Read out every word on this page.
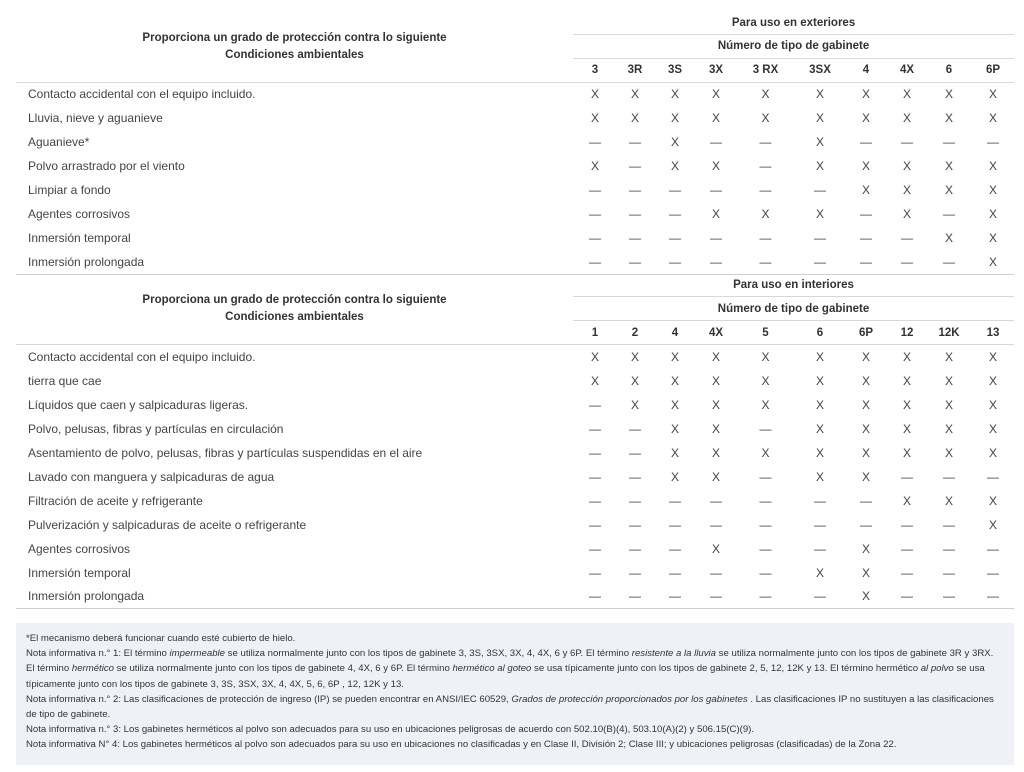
Proporciona un grado de protección contra lo siguiente
Condiciones ambientales	Para uso en exteriores									
	Número de tipo de gabinete									
	3	3R	3S	3X	3 RX	3SX	4	4X	6	6P
Contacto accidental con el equipo incluido.	X	X	X	X	X	X	X	X	X	X
Lluvia, nieve y aguanieve	X	X	X	X	X	X	X	X	X	X
Aguanieve*	—	—	X	—	—	X	—	—	—	—
Polvo arrastrado por el viento	X	—	X	X	—	X	X	X	X	X
Limpiar a fondo	—	—	—	—	—	—	X	X	X	X
Agentes corrosivos	—	—	—	X	X	X	—	X	—	X
Inmersión temporal	—	—	—	—	—	—	—	—	X	X
Inmersión prolongada	—	—	—	—	—	—	—	—	—	X
Proporciona un grado de protección contra lo siguiente
Condiciones ambientales	Para uso en interiores									
	Número de tipo de gabinete									
	1	2	4	4X	5	6	6P	12	12K	13
Contacto accidental con el equipo incluido.	X	X	X	X	X	X	X	X	X	X
tierra que cae	X	X	X	X	X	X	X	X	X	X
Líquidos que caen y salpicaduras ligeras.	—	X	X	X	X	X	X	X	X	X
Polvo, pelusas, fibras y partículas en circulación	—	—	X	X	—	X	X	X	X	X
Asentamiento de polvo, pelusas, fibras y partículas suspendidas en el aire	—	—	X	X	X	X	X	X	X	X
Lavado con manguera y salpicaduras de agua	—	—	X	X	—	X	X	—	—	—
Filtración de aceite y refrigerante	—	—	—	—	—	—	—	X	X	X
Pulverización y salpicaduras de aceite o refrigerante	—	—	—	—	—	—	—	—	—	X
Agentes corrosivos	—	—	—	X	—	—	X	—	—	—
Inmersión temporal	—	—	—	—	—	X	X	—	—	—
Inmersión prolongada	—	—	—	—	—	—	X	—	—	—

*El mecanismo deberá funcionar cuando esté cubierto de hielo.

Nota informativa n.° 1: El término impermeable se utiliza normalmente junto con los tipos de gabinete 3, 3S, 3SX, 3X, 4, 4X, 6 y 6P. El término resistente a la lluvia se utiliza normalmente junto con los tipos de gabinete 3R y 3RX. El término hermético se utiliza normalmente junto con los tipos de gabinete 4, 4X, 6 y 6P. El término hermético al goteo se usa típicamente junto con los tipos de gabinete 2, 5, 12, 12K y 13. El término hermético al polvo se usa típicamente junto con los tipos de gabinete 3, 3S, 3SX, 3X, 4, 4X, 5, 6, 6P , 12, 12K y 13.

Nota informativa n.° 2: Las clasificaciones de protección de ingreso (IP) se pueden encontrar en ANSI/IEC 60529, Grados de protección proporcionados por los gabinetes . Las clasificaciones IP no sustituyen a las clasificaciones de tipo de gabinete.

Nota informativa n.° 3: Los gabinetes herméticos al polvo son adecuados para su uso en ubicaciones peligrosas de acuerdo con 502.10(B)(4), 503.10(A)(2) y 506.15(C)(9).

Nota informativa N° 4: Los gabinetes herméticos al polvo son adecuados para su uso en ubicaciones no clasificadas y en Clase II, División 2; Clase III; y ubicaciones peligrosas (clasificadas) de la Zona 22.
